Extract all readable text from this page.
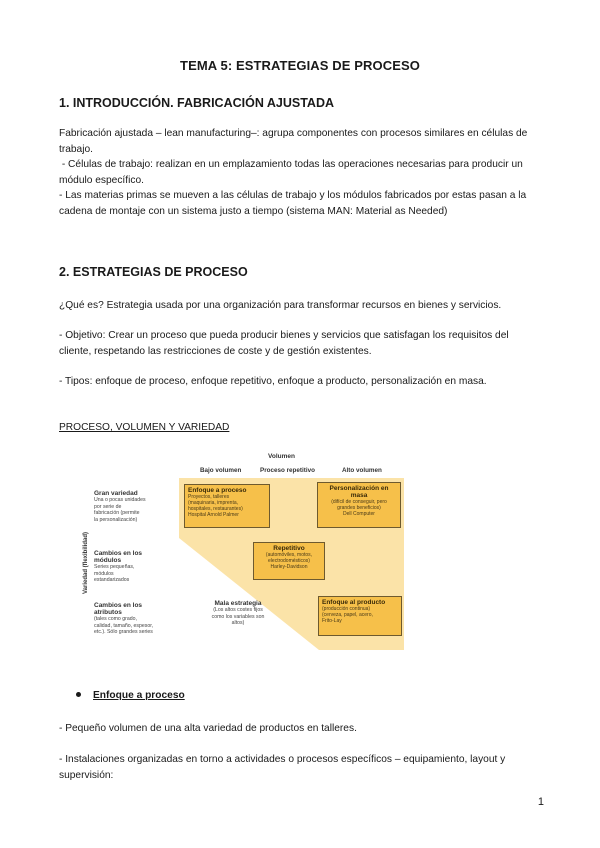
TEMA 5: ESTRATEGIAS DE PROCESO
1. INTRODUCCIÓN. FABRICACIÓN AJUSTADA
Fabricación ajustada – lean manufacturing–: agrupa componentes con procesos similares en células de
trabajo.
- Células de trabajo: realizan en un emplazamiento todas las operaciones necesarias para producir un
módulo específico.
- Las materias primas se mueven a las células de trabajo y los módulos fabricados por estas pasan a la
cadena de montaje con un sistema justo a tiempo (sistema MAN: Material as Needed)
2. ESTRATEGIAS DE PROCESO
¿Qué es? Estrategia usada por una organización para transformar recursos en bienes y servicios.
- Objetivo: Crear un proceso que pueda producir bienes y servicios que satisfagan los requisitos del
cliente, respetando las restricciones de coste y de gestión existentes.
- Tipos: enfoque de proceso, enfoque repetitivo, enfoque a producto, personalización en masa.
PROCESO, VOLUMEN Y VARIEDAD
Volumen
Bajo volumen	Proceso repetitivo	Alto volumen
Variedad (flexibilidad)
Gran variedad
Una o pocas unidades
por serie de
fabricación (permite
la personalización)
Cambios en los
módulos
Series pequeñas,
módulos
estandarizados
Cambios en los
atributos
(tales como grado,
calidad, tamaño, espesor,
etc.). Sólo grandes series
Enfoque a proceso
Proyectos, talleres
(maquinaria, imprenta,
hospitales, restaurantes)
Hospital Arnold Palmer
Personalización en
masa
(difícil de conseguir, pero
grandes beneficios)
Dell Computer
Repetitivo
(automóviles, motos,
electrodomésticos)
Harley-Davidson
Enfoque al producto
(producción continua)
(cerveza, papel, acero,
Frito-Lay
Mala estrategia
(Los altos costes fijos
como los variables son
altos)
Enfoque a proceso
- Pequeño volumen de una alta variedad de productos en talleres.
- Instalaciones organizadas en torno a actividades o procesos específicos – equipamiento, layout y
supervisión:
1
